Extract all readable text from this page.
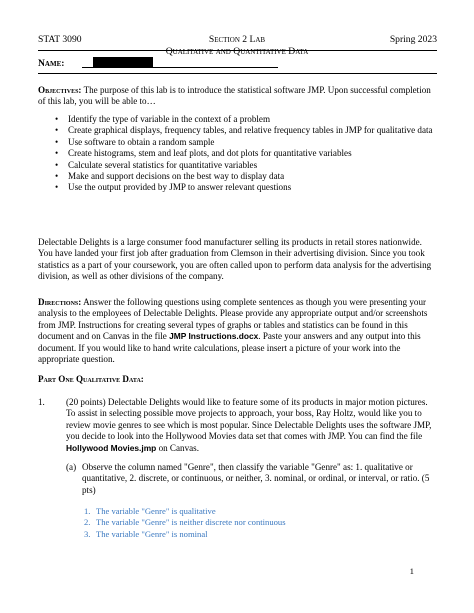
STAT 3090	Section 2 Lab
Qualitative and Quantitative Data
Spring 2023
Name:
Objectives: The purpose of this lab is to introduce the statistical software JMP. Upon successful completion of this lab, you will be able to…
• Identify the type of variable in the context of a problem
• Create graphical displays, frequency tables, and relative frequency tables in JMP for qualitative data
• Use software to obtain a random sample
• Create histograms, stem and leaf plots, and dot plots for quantitative variables
• Calculate several statistics for quantitative variables
• Make and support decisions on the best way to display data
• Use the output provided by JMP to answer relevant questions
Delectable Delights is a large consumer food manufacturer selling its products in retail stores nationwide. You have landed your first job after graduation from Clemson in their advertising division. Since you took statistics as a part of your coursework, you are often called upon to perform data analysis for the advertising division, as well as other divisions of the company.
Directions: Answer the following questions using complete sentences as though you were presenting your analysis to the employees of Delectable Delights. Please provide any appropriate output and/or screenshots from JMP. Instructions for creating several types of graphs or tables and statistics can be found in this document and on Canvas in the file JMP Instructions.docx. Paste your answers and any output into this document. If you would like to hand write calculations, please insert a picture of your work into the appropriate question.
Part One Qualitative Data:
1. (20 points) Delectable Delights would like to feature some of its products in major motion pictures. To assist in selecting possible move projects to approach, your boss, Ray Holtz, would like you to review movie genres to see which is most popular. Since Delectable Delights uses the software JMP, you decide to look into the Hollywood Movies data set that comes with JMP. You can find the file Hollywood Movies.jmp on Canvas.
(a) Observe the column named "Genre", then classify the variable "Genre" as: 1. qualitative or quantitative, 2. discrete, or continuous, or neither, 3. nominal, or ordinal, or interval, or ratio. (5 pts)
1. The variable "Genre" is qualitative
2. The variable "Genre" is neither discrete nor continuous
3. The variable "Genre" is nominal
1
